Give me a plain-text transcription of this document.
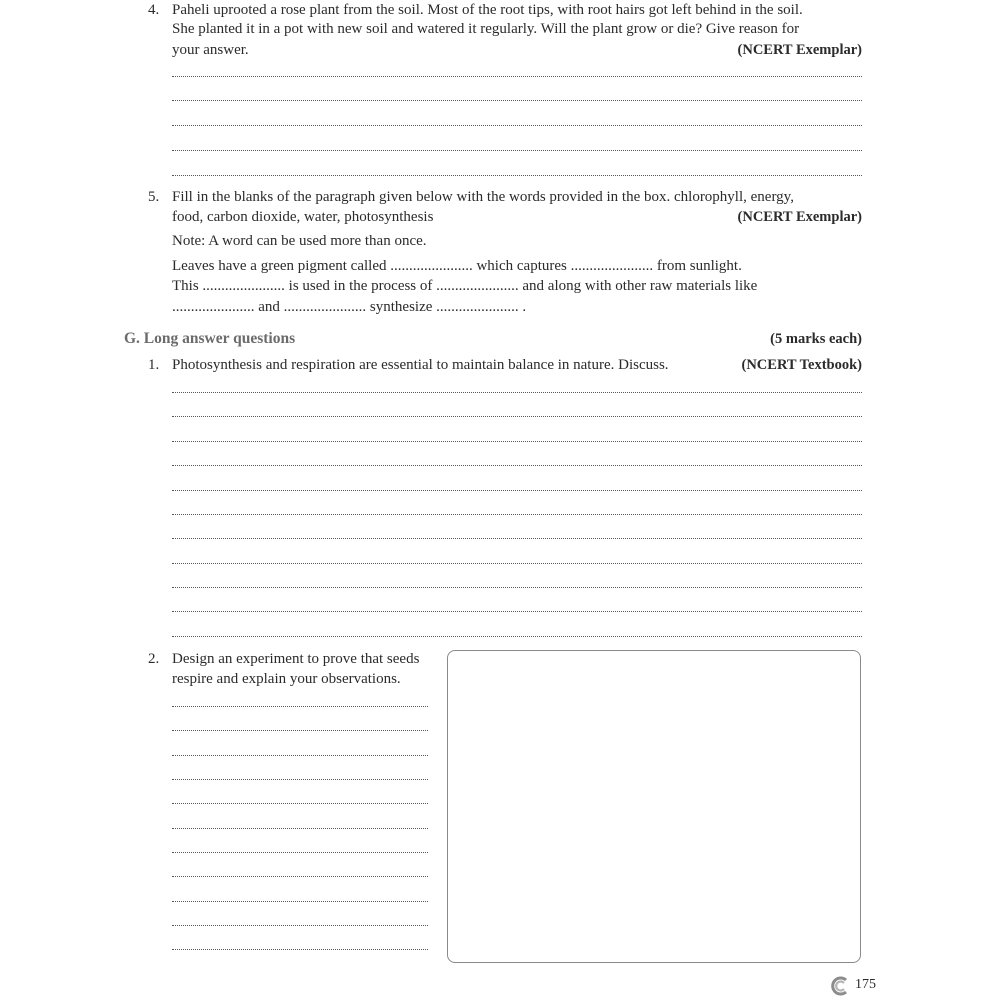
4. Paheli uprooted a rose plant from the soil. Most of the root tips, with root hairs got left behind in the soil.
She planted it in a pot with new soil and watered it regularly. Will the plant grow or die? Give reason for
your answer.	(NCERT Exemplar)
5. Fill in the blanks of the paragraph given below with the words provided in the box. chlorophyll, energy,
food, carbon dioxide, water, photosynthesis	(NCERT Exemplar)
Note: A word can be used more than once.
Leaves have a green pigment called ...................... which captures ...................... from sunlight.
This ...................... is used in the process of ...................... and along with other raw materials like
...................... and ...................... synthesize ...................... .
G. Long answer questions	(5 marks each)
1. Photosynthesis and respiration are essential to maintain balance in nature. Discuss.	(NCERT Textbook)
2. Design an experiment to prove that seeds
respire and explain your observations.
175
